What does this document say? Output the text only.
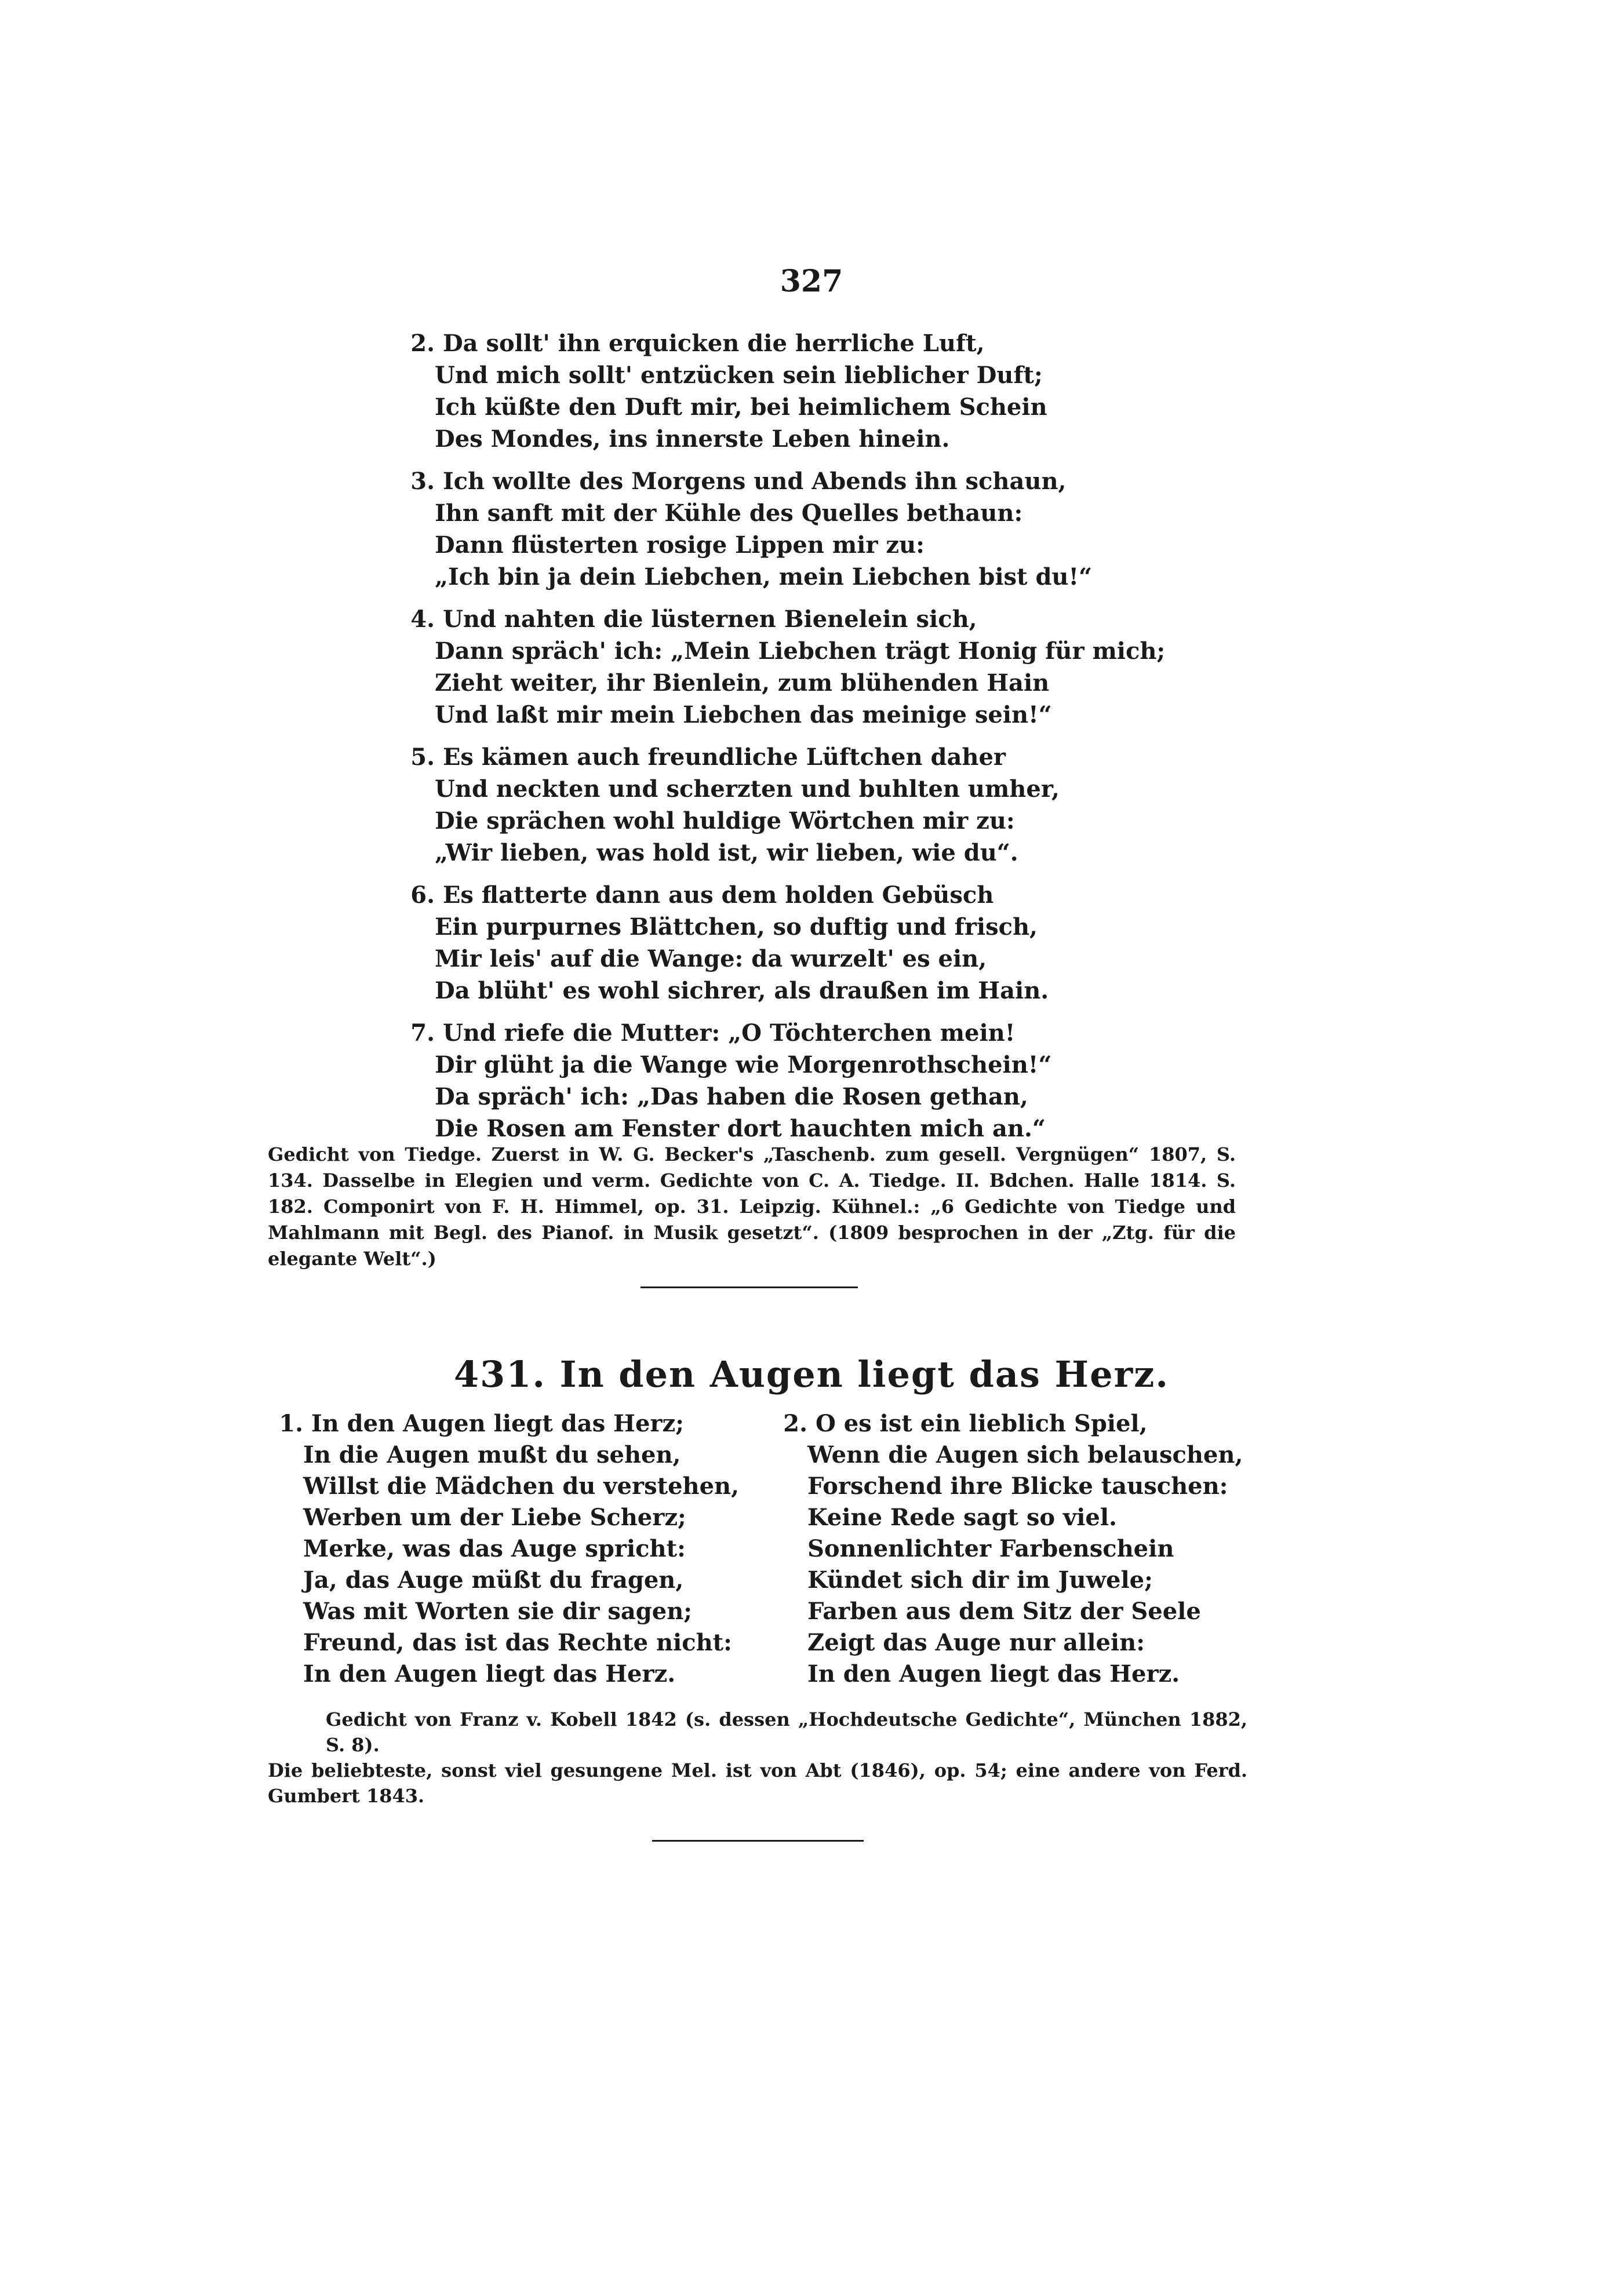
327
2. Da sollt' ihn erquicken die herrliche Luft,
Und mich sollt' entzücken sein lieblicher Duft;
Ich küßte den Duft mir, bei heimlichem Schein
Des Mondes, ins innerste Leben hinein.
3. Ich wollte des Morgens und Abends ihn schaun,
Ihn sanft mit der Kühle des Quelles bethaun:
Dann flüsterten rosige Lippen mir zu:
„Ich bin ja dein Liebchen, mein Liebchen bist du!“
4. Und nahten die lüsternen Bienelein sich,
Dann spräch' ich: „Mein Liebchen trägt Honig für mich;
Zieht weiter, ihr Bienlein, zum blühenden Hain
Und laßt mir mein Liebchen das meinige sein!“
5. Es kämen auch freundliche Lüftchen daher
Und neckten und scherzten und buhlten umher,
Die sprächen wohl huldige Wörtchen mir zu:
„Wir lieben, was hold ist, wir lieben, wie du“.
6. Es flatterte dann aus dem holden Gebüsch
Ein purpurnes Blättchen, so duftig und frisch,
Mir leis' auf die Wange: da wurzelt' es ein,
Da blüht' es wohl sichrer, als draußen im Hain.
7. Und riefe die Mutter: „O Töchterchen mein!
Dir glüht ja die Wange wie Morgenrothschein!“
Da spräch' ich: „Das haben die Rosen gethan,
Die Rosen am Fenster dort hauchten mich an.“
Gedicht von Tiedge. Zuerst in W. G. Becker's „Taschenb. zum gesell. Vergnügen“ 1807, S. 134. Dasselbe in Elegien und verm. Gedichte von C. A. Tiedge. II. Bdchen. Halle 1814. S. 182. Componirt von F. H. Himmel, op. 31. Leipzig. Kühnel.: „6 Gedichte von Tiedge und Mahlmann mit Begl. des Pianof. in Musik gesetzt“. (1809 besprochen in der „Ztg. für die elegante Welt“.)
431. In den Augen liegt das Herz.
1. In den Augen liegt das Herz;
In die Augen mußt du sehen,
Willst die Mädchen du verstehen,
Werben um der Liebe Scherz;
Merke, was das Auge spricht:
Ja, das Auge müßt du fragen,
Was mit Worten sie dir sagen;
Freund, das ist das Rechte nicht:
In den Augen liegt das Herz.
2. O es ist ein lieblich Spiel,
Wenn die Augen sich belauschen,
Forschend ihre Blicke tauschen:
Keine Rede sagt so viel.
Sonnenlichter Farbenschein
Kündet sich dir im Juwele;
Farben aus dem Sitz der Seele
Zeigt das Auge nur allein:
In den Augen liegt das Herz.
Gedicht von Franz v. Kobell 1842 (s. dessen „Hochdeutsche Gedichte“, München 1882, S. 8).
Die beliebteste, sonst viel gesungene Mel. ist von Abt (1846), op. 54; eine andere von Ferd. Gumbert 1843.
